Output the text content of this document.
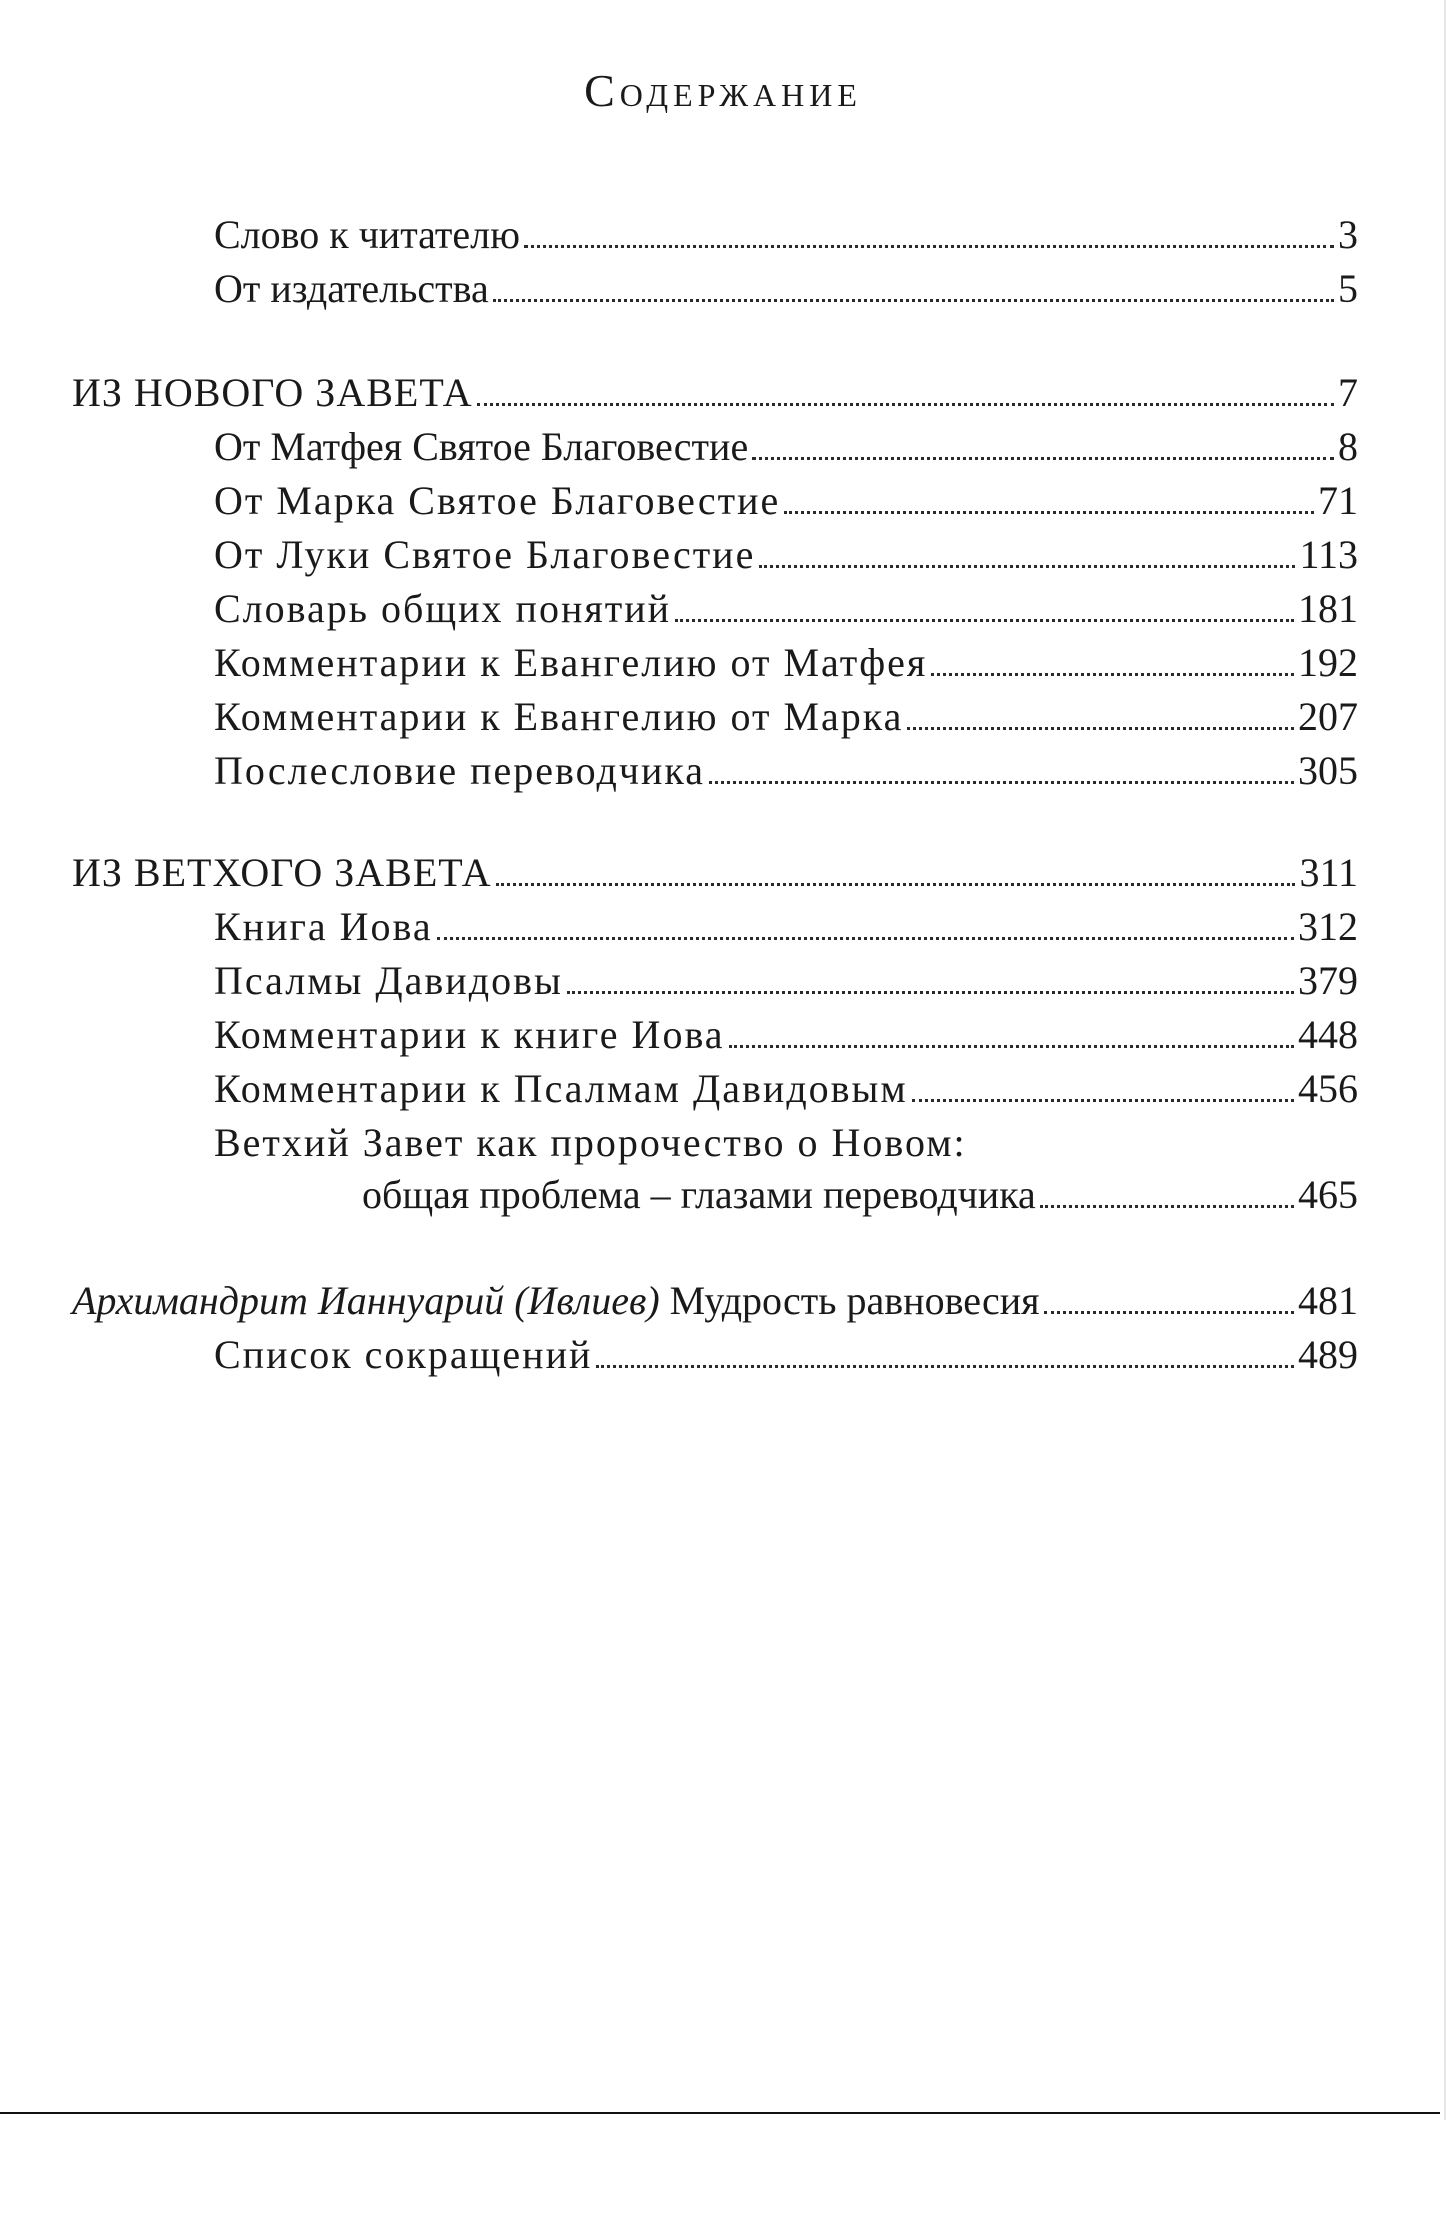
Содержание
Слово к читателю	3
От издательства	5
ИЗ НОВОГО ЗАВЕТА	7
От Матфея Святое Благовестие	8
От Марка Святое Благовестие	71
От Луки Святое Благовестие	113
Словарь общих понятий	181
Комментарии к Евангелию от Матфея	192
Комментарии к Евангелию от Марка	207
Послесловие переводчика	305
ИЗ ВЕТХОГО ЗАВЕТА	311
Книга Иова	312
Псалмы Давидовы	379
Комментарии к книге Иова	448
Комментарии к Псалмам Давидовым	456
Ветхий Завет как пророчество о Новом:
общая проблема – глазами переводчика	465
Архимандрит Ианнуарий (Ивлиев) Мудрость равновесия	481
Список сокращений	489
